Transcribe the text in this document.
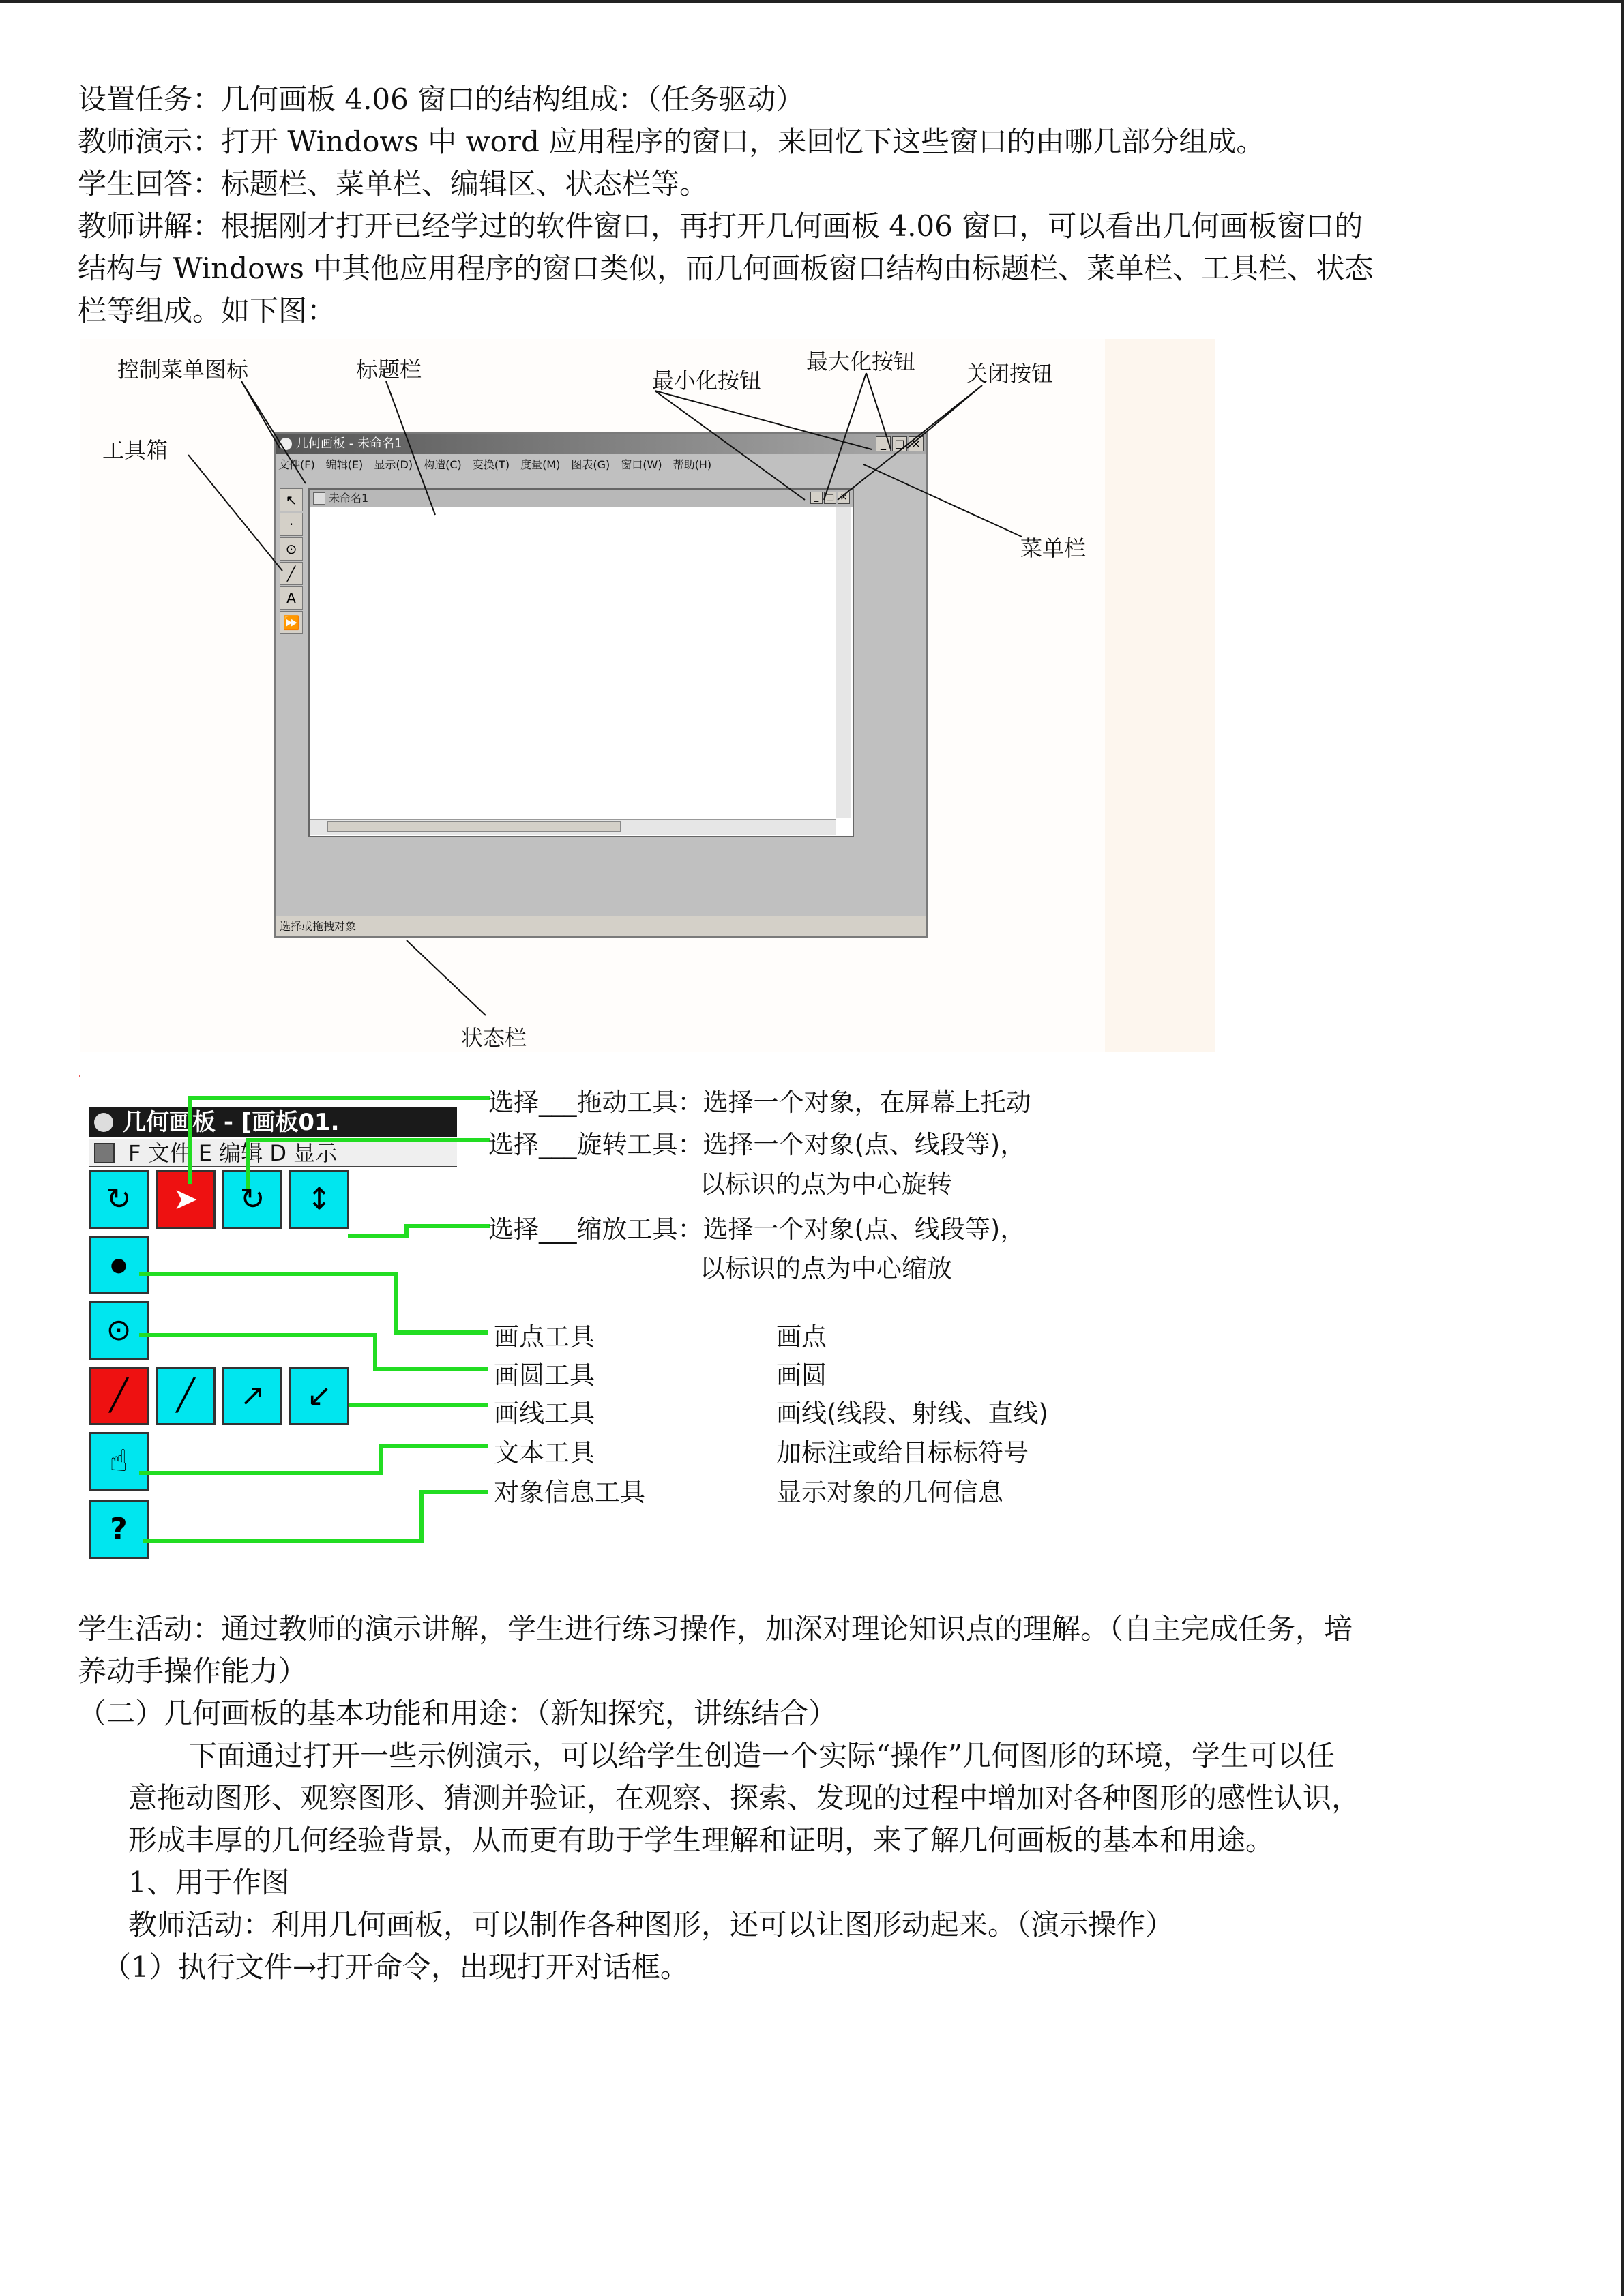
设置任务：几何画板 4.06 窗口的结构组成：（任务驱动）
教师演示：打开 Windows 中 word 应用程序的窗口，来回忆下这些窗口的由哪几部分组成。
学生回答：标题栏、菜单栏、编辑区、状态栏等。
教师讲解：根据刚才打开已经学过的软件窗口，再打开几何画板 4.06 窗口，可以看出几何画板窗口的
结构与 Windows 中其他应用程序的窗口类似，而几何画板窗口结构由标题栏、菜单栏、工具栏、状态
栏等组成。如下图：
控制菜单图标	标题栏	最小化按钮
最大化按钮 关闭按钮
工具箱
菜单栏
状态栏
几何画板 - 未命名1	_ □ ×
文件(F) 编辑(E) 显示(D) 构造(C) 变换(T) 度量(M) 图表(G) 窗口(W) 帮助(H)
↖
·
⊙
╱
A
⏩
未命名1	_ □ ×
选择或拖拽对象
几何画板 - [画板01.
F 文件 E 编辑 D 显示
↻	➤	↻	↕
●
⊙
╱	╱	↗	↙
☝
?
选择___拖动工具：选择一个对象，在屏幕上托动
选择___旋转工具：选择一个对象(点、线段等)，
以标识的点为中心旋转
选择___缩放工具：选择一个对象(点、线段等)，
以标识的点为中心缩放
画点工具	画点
画圆工具	画圆
画线工具	画线(线段、射线、直线)
文本工具	加标注或给目标标符号
对象信息工具	显示对象的几何信息
学生活动：通过教师的演示讲解，学生进行练习操作，加深对理论知识点的理解。（自主完成任务，培
养动手操作能力）
（二）几何画板的基本功能和用途：（新知探究，讲练结合）
下面通过打开一些示例演示，可以给学生创造一个实际“操作”几何图形的环境，学生可以任
意拖动图形、观察图形、猜测并验证，在观察、探索、发现的过程中增加对各种图形的感性认识，
形成丰厚的几何经验背景，从而更有助于学生理解和证明，来了解几何画板的基本和用途。
1、用于作图
教师活动：利用几何画板，可以制作各种图形，还可以让图形动起来。（演示操作）
（1）执行文件→打开命令，出现打开对话框。
